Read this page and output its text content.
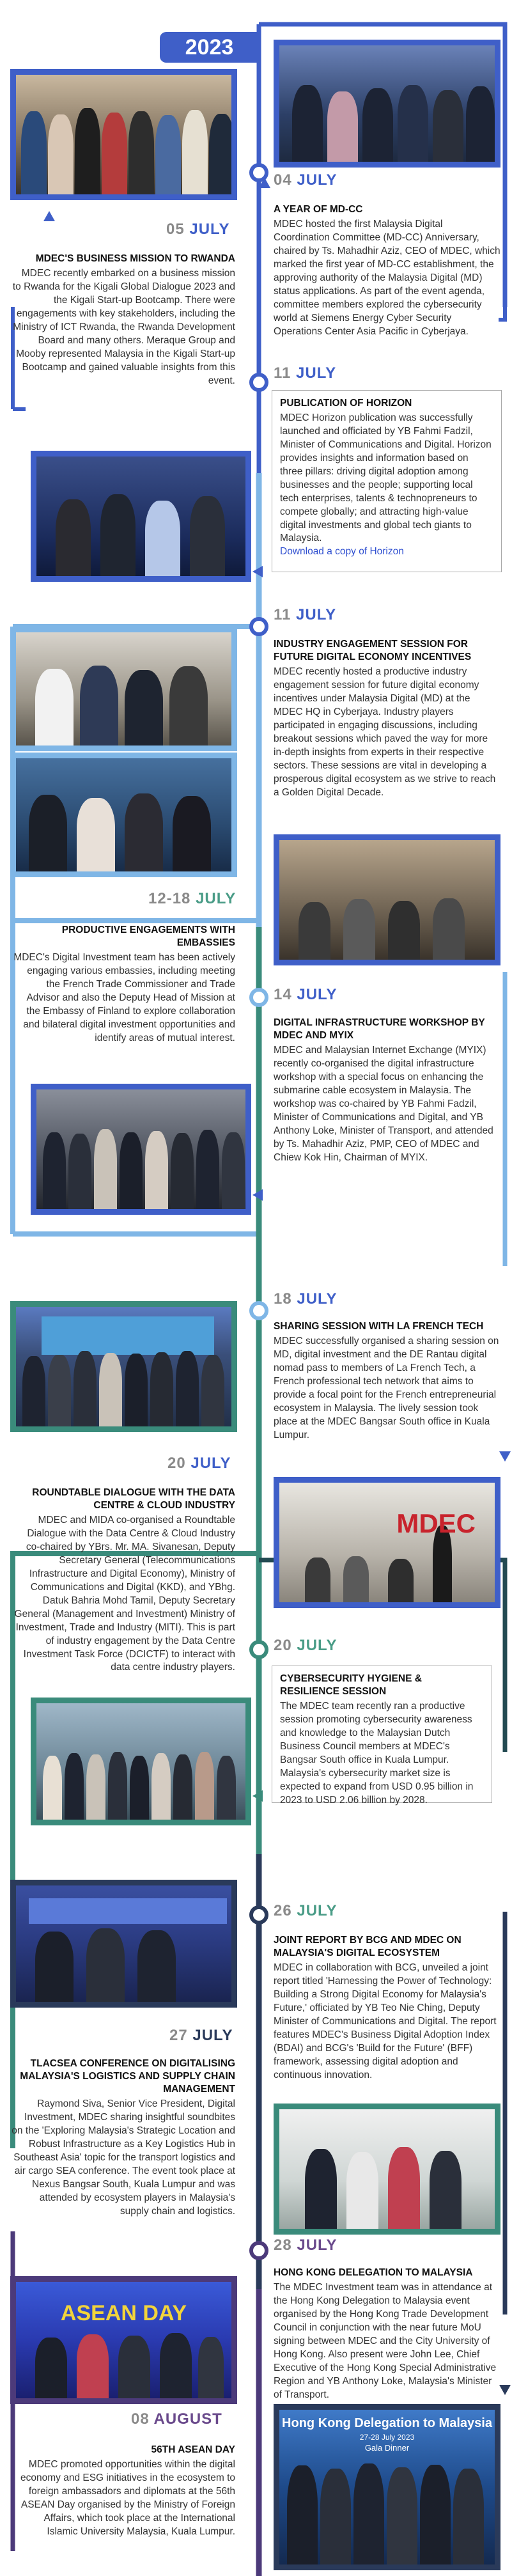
2023
04 JULY
A YEAR OF MD-CC

MDEC hosted the first Malaysia Digital Coordination Committee (MD-CC) Anniversary, chaired by Ts. Mahadhir Aziz, CEO of MDEC, which marked the first year of MD-CC establishment, the approving authority of the Malaysia Digital (MD) status applications. As part of the event agenda, committee members explored the cybersecurity world at Siemens Energy Cyber Security Operations Center Asia Pacific in Cyberjaya.

05 JULY
MDEC'S BUSINESS MISSION TO RWANDA

MDEC recently embarked on a business mission to Rwanda for the Kigali Global Dialogue 2023 and the Kigali Start-up Bootcamp. There were engagements with key stakeholders, including the Ministry of ICT Rwanda, the Rwanda Development Board and many others. Meraque Group and Mooby represented Malaysia in the Kigali Start-up Bootcamp and gained valuable insights from this event.	11 JULY
PUBLICATION OF HORIZON

MDEC Horizon publication was successfully launched and officiated by YB Fahmi Fadzil, Minister of Communications and Digital. Horizon provides insights and information based on three pillars: driving digital adoption among businesses and the people; supporting local tech enterprises, talents & technopreneurs to compete globally; and attracting high-value digital investments and global tech giants to Malaysia.

Download a copy of Horizon
11 JULY
INDUSTRY ENGAGEMENT SESSION FOR FUTURE DIGITAL ECONOMY INCENTIVES

MDEC recently hosted a productive industry engagement session for future digital economy incentives under Malaysia Digital (MD) at the MDEC HQ in Cyberjaya. Industry players participated in engaging discussions, including breakout sessions which paved the way for more in-depth insights from experts in their respective sectors. These sessions are vital in developing a prosperous digital ecosystem as we strive to reach a Golden Digital Decade.

12-18 JULY
PRODUCTIVE ENGAGEMENTS WITH EMBASSIES

MDEC's Digital Investment team has been actively engaging various embassies, including meeting the French Trade Commissioner and Trade Advisor and also the Deputy Head of Mission at the Embassy of Finland to explore collaboration and bilateral digital investment opportunities and identify areas of mutual interest.

14 JULY
DIGITAL INFRASTRUCTURE WORKSHOP BY MDEC AND MYIX

MDEC and Malaysian Internet Exchange (MYIX) recently co-organised the digital infrastructure workshop with a special focus on enhancing the submarine cable ecosystem in Malaysia. The workshop was co-chaired by YB Fahmi Fadzil, Minister of Communications and Digital, and YB Anthony Loke, Minister of Transport, and attended by Ts. Mahadhir Aziz, PMP, CEO of MDEC and Chiew Kok Hin, Chairman of MYIX.

18 JULY
SHARING SESSION WITH LA FRENCH TECH

MDEC successfully organised a sharing session on MD, digital investment and the DE Rantau digital nomad pass to members of La French Tech, a French professional tech network that aims to provide a focal point for the French entrepreneurial ecosystem in Malaysia. The lively session took place at the MDEC Bangsar South office in Kuala Lumpur.

MDEC
20 JULY
ROUNDTABLE DIALOGUE WITH THE DATA CENTRE & CLOUD INDUSTRY

MDEC and MIDA co-organised a Roundtable Dialogue with the Data Centre & Cloud Industry co-chaired by YBrs. Mr. MA. Sivanesan, Deputy Secretary General (Telecommunications Infrastructure and Digital Economy), Ministry of Communications and Digital (KKD), and YBhg. Datuk Bahria Mohd Tamil, Deputy Secretary General (Management and Investment) Ministry of Investment, Trade and Industry (MITI). This is part of industry engagement by the Data Centre Investment Task Force (DCICTF) to interact with data centre industry players.

20 JULY
CYBERSECURITY HYGIENE & RESILIENCE SESSION

The MDEC team recently ran a productive session promoting cybersecurity awareness and knowledge to the Malaysian Dutch Business Council members at MDEC's Bangsar South office in Kuala Lumpur. Malaysia's cybersecurity market size is expected to expand from USD 0.95 billion in 2023 to USD 2.06 billion by 2028.

26 JULY
JOINT REPORT BY BCG AND MDEC ON MALAYSIA'S DIGITAL ECOSYSTEM

MDEC in collaboration with BCG, unveiled a joint report titled 'Harnessing the Power of Technology: Building a Strong Digital Economy for Malaysia's Future,' officiated by YB Teo Nie Ching, Deputy Minister of Communications and Digital. The report features MDEC's Business Digital Adoption Index (BDAI) and BCG's 'Build for the Future' (BFF) framework, assessing digital adoption and continuous innovation.

27 JULY
TLACSEA CONFERENCE ON DIGITALISING MALAYSIA'S LOGISTICS AND SUPPLY CHAIN MANAGEMENT

Raymond Siva, Senior Vice President, Digital Investment, MDEC sharing insightful soundbites on the 'Exploring Malaysia's Strategic Location and Robust Infrastructure as a Key Logistics Hub in Southeast Asia' topic for the transport logistics and air cargo SEA conference. The event took place at Nexus Bangsar South, Kuala Lumpur and was attended by ecosystem players in Malaysia's supply chain and logistics.

28 JULY
HONG KONG DELEGATION TO MALAYSIA

The MDEC Investment team was in attendance at the Hong Kong Delegation to Malaysia event organised by the Hong Kong Trade Development Council in conjunction with the near future MoU signing between MDEC and the City University of Hong Kong. Also present were John Lee, Chief Executive of the Hong Kong Special Administrative Region and YB Anthony Loke, Malaysia's Minister of Transport.

Hong Kong Delegation to Malaysia
27-28 July 2023
Gala Dinner
ASEAN DAY
08 AUGUST
56TH ASEAN DAY

MDEC promoted opportunities within the digital economy and ESG initiatives in the ecosystem to foreign ambassadors and diplomats at the 56th ASEAN Day organised by the Ministry of Foreign Affairs, which took place at the International Islamic University Malaysia, Kuala Lumpur.
